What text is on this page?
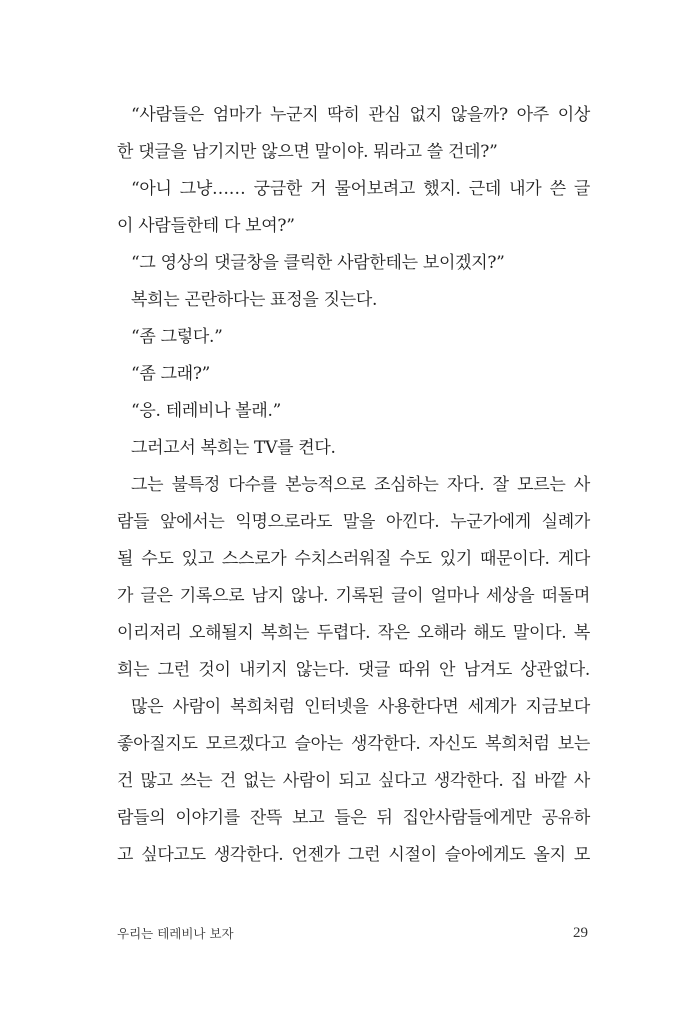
“사람들은 엄마가 누군지 딱히 관심 없지 않을까? 아주 이상
한 댓글을 남기지만 않으면 말이야. 뭐라고 쓸 건데?”
“아니 그냥…… 궁금한 거 물어보려고 했지. 근데 내가 쓴 글
이 사람들한테 다 보여?”
“그 영상의 댓글창을 클릭한 사람한테는 보이겠지?”
복희는 곤란하다는 표정을 짓는다.
“좀 그렇다.”
“좀 그래?”
“응. 테레비나 볼래.”
그러고서 복희는 TV를 켠다.
그는 불특정 다수를 본능적으로 조심하는 자다. 잘 모르는 사
람들 앞에서는 익명으로라도 말을 아낀다. 누군가에게 실례가
될 수도 있고 스스로가 수치스러워질 수도 있기 때문이다. 게다
가 글은 기록으로 남지 않나. 기록된 글이 얼마나 세상을 떠돌며
이리저리 오해될지 복희는 두렵다. 작은 오해라 해도 말이다. 복
희는 그런 것이 내키지 않는다. 댓글 따위 안 남겨도 상관없다.
많은 사람이 복희처럼 인터넷을 사용한다면 세계가 지금보다
좋아질지도 모르겠다고 슬아는 생각한다. 자신도 복희처럼 보는
건 많고 쓰는 건 없는 사람이 되고 싶다고 생각한다. 집 바깥 사
람들의 이야기를 잔뜩 보고 들은 뒤 집안사람들에게만 공유하
고 싶다고도 생각한다. 언젠가 그런 시절이 슬아에게도 올지 모
우리는 테레비나 보자	29
